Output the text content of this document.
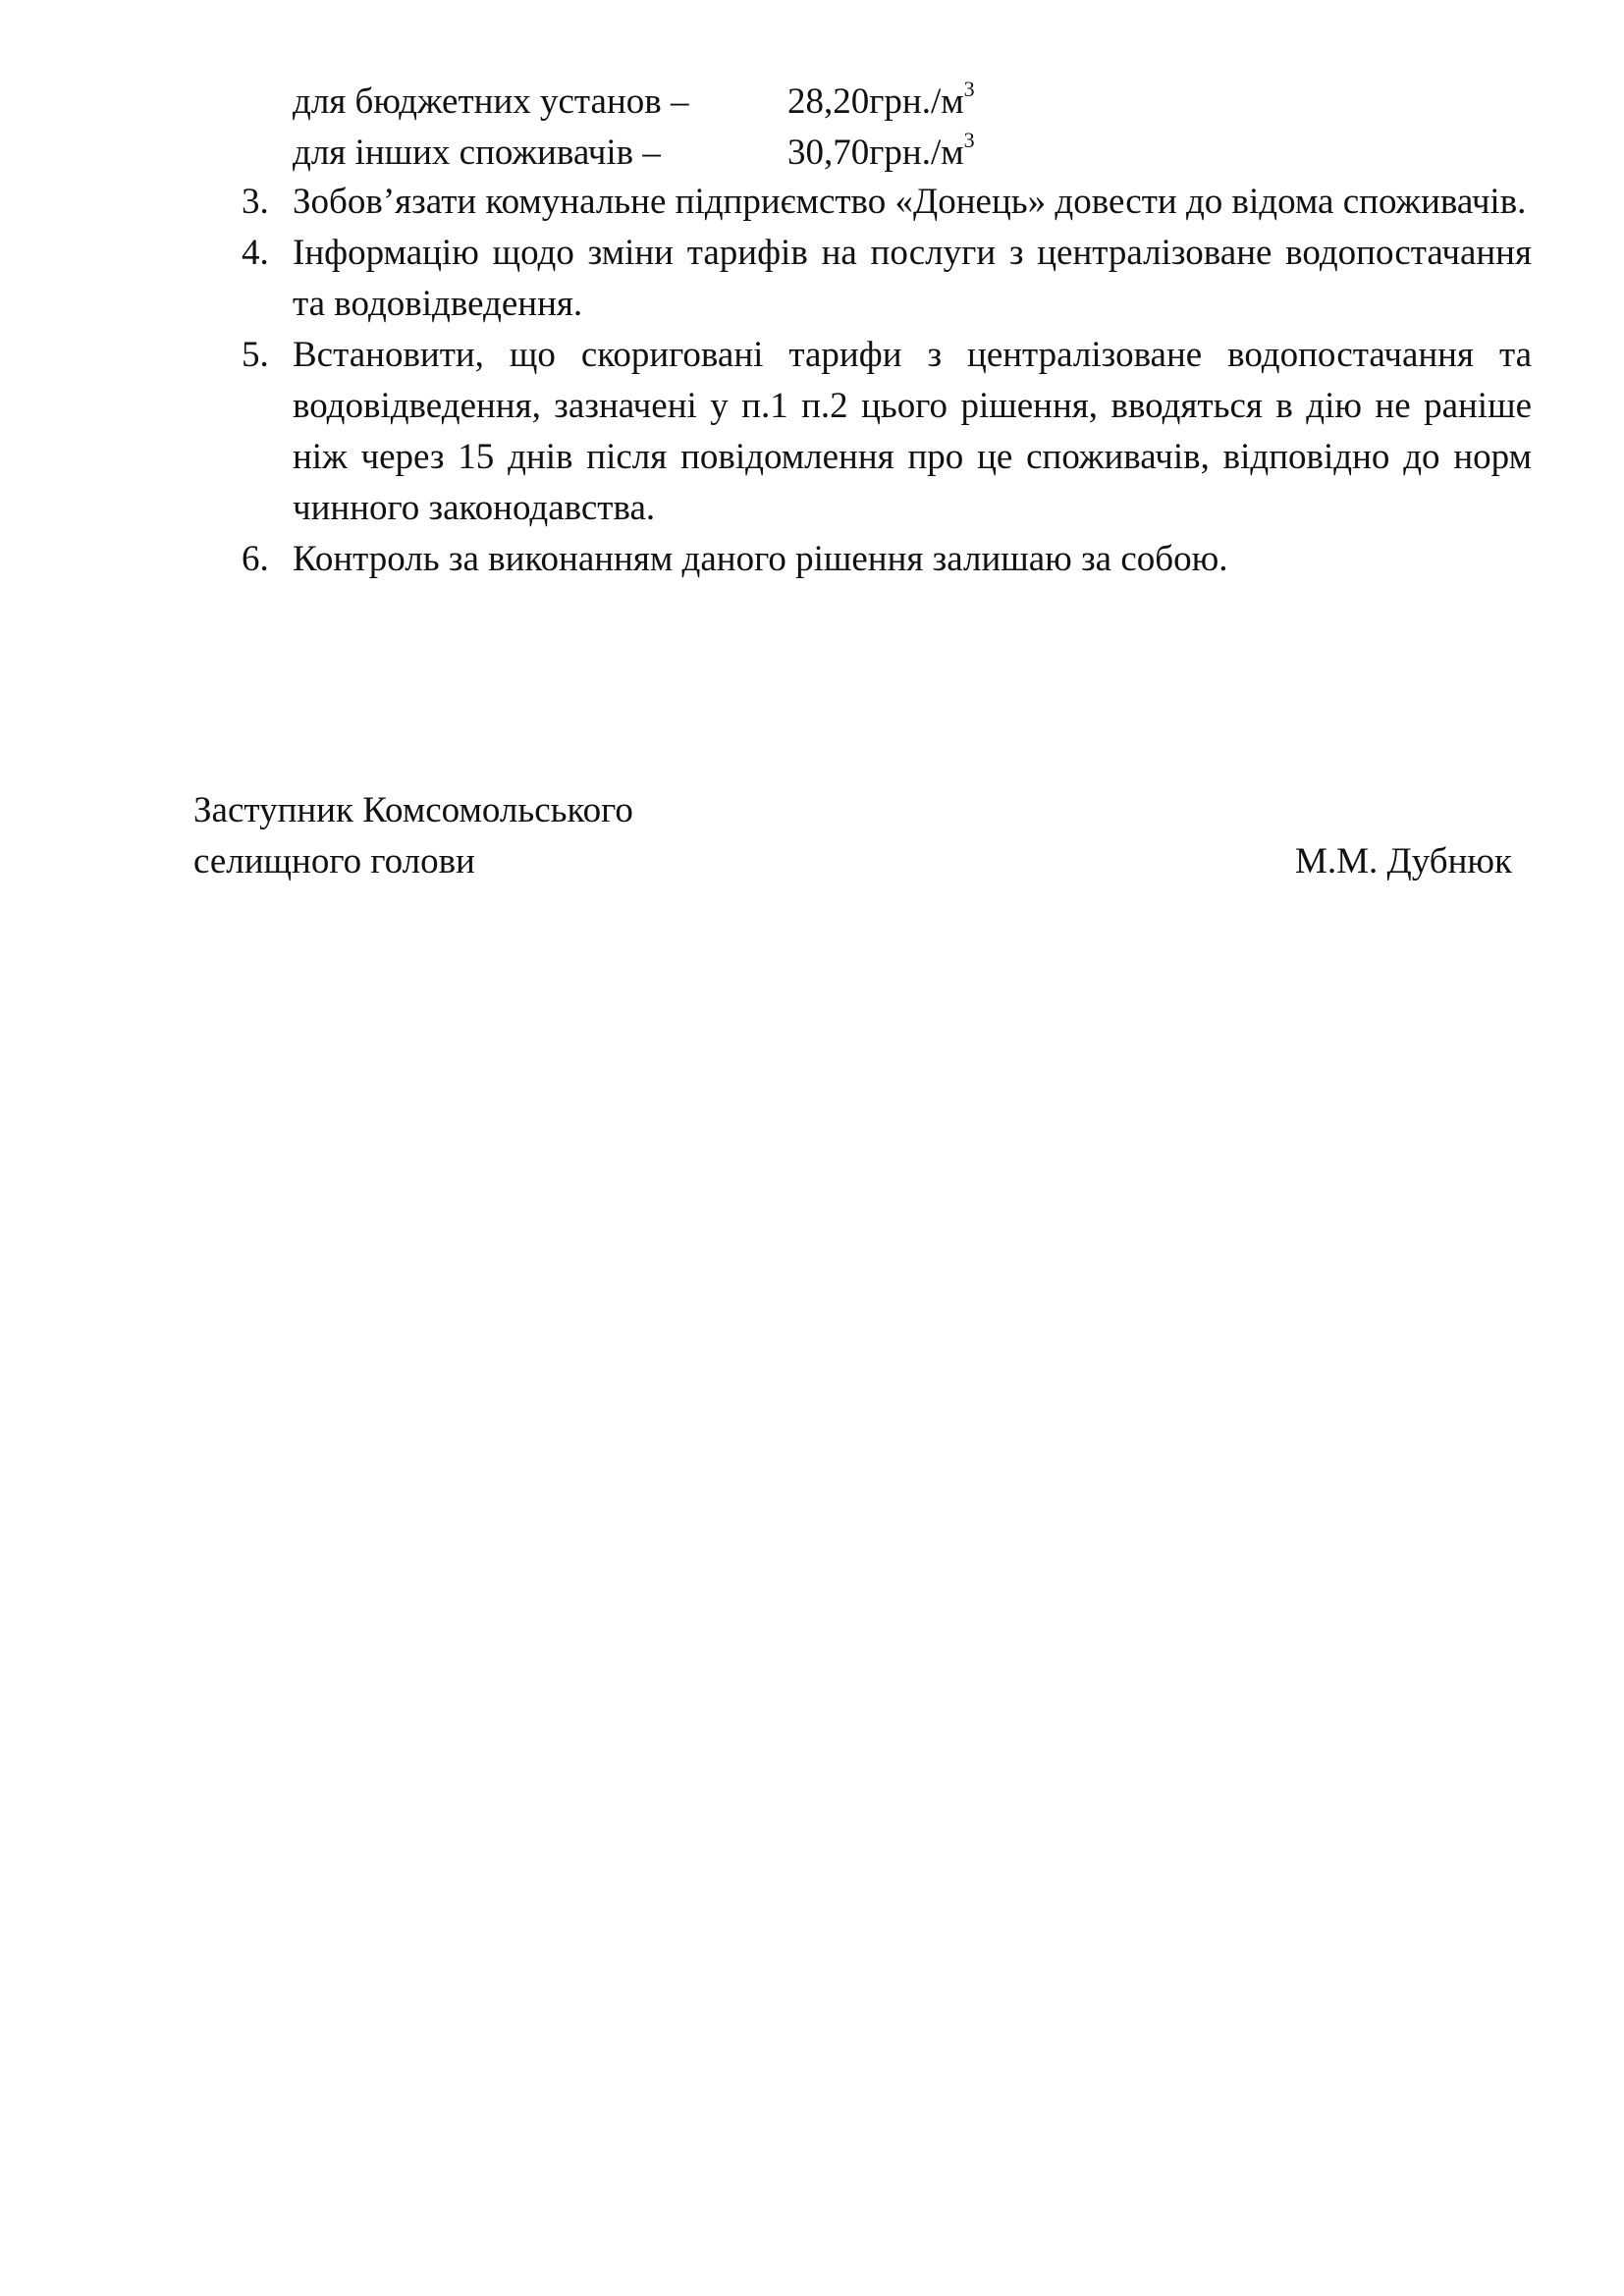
для бюджетних установ –	$28,20грн./м^3$
для інших споживачів –	$30,70грн./м^3$
3. Зобов’язати комунальне підприємство «Донець» довести до відома споживачів.
4. Інформацію щодо зміни тарифів на послуги з централізоване водопостачання та водовідведення.
5. Встановити, що скориговані тарифи з централізоване водопостачання та водовідведення, зазначені у п.1 п.2 цього рішення, вводяться в дію не раніше ніж через 15 днів після повідомлення про це споживачів, відповідно до норм чинного законодавства.
6. Контроль за виконанням даного рішення залишаю за собою.
Заступник Комсомольського
селищного голови	М.М. Дубнюк
